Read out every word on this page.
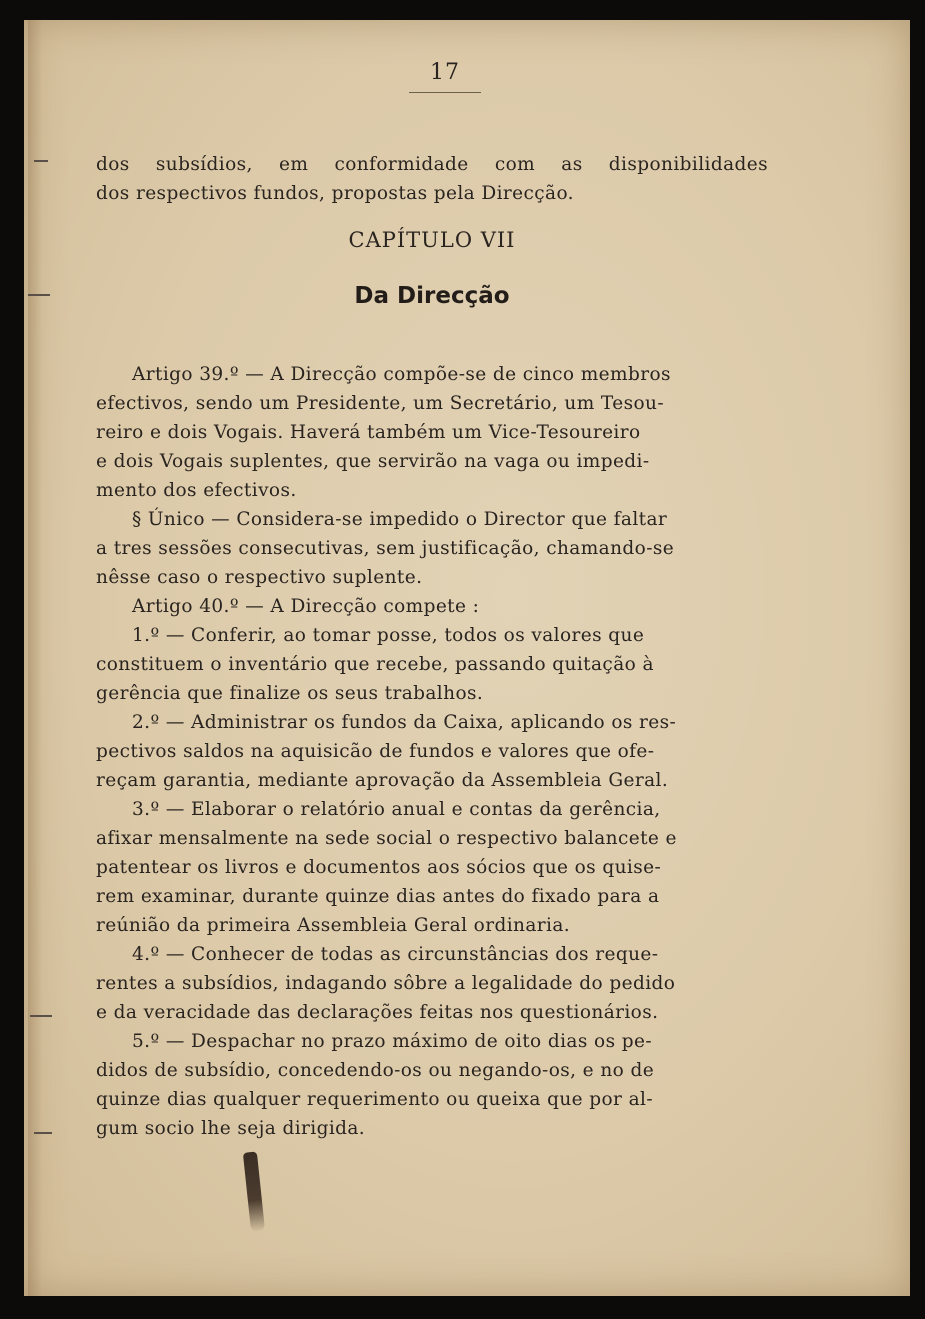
17
dos subsídios, em conformidade com as disponibilidades
dos respectivos fundos, propostas pela Direcção.
CAPÍTULO VII
Da Direcção
Artigo 39.º — A Direcção compõe-se de cinco membros
efectivos, sendo um Presidente, um Secretário, um Tesou-
reiro e dois Vogais. Haverá também um Vice-Tesoureiro
e dois Vogais suplentes, que servirão na vaga ou impedi-
mento dos efectivos.
§ Único — Considera-se impedido o Director que faltar
a tres sessões consecutivas, sem justificação, chamando-se
nêsse caso o respectivo suplente.
Artigo 40.º — A Direcção compete :
1.º — Conferir, ao tomar posse, todos os valores que
constituem o inventário que recebe, passando quitação à
gerência que finalize os seus trabalhos.
2.º — Administrar os fundos da Caixa, aplicando os res-
pectivos saldos na aquisicão de fundos e valores que ofe-
reçam garantia, mediante aprovação da Assembleia Geral.
3.º — Elaborar o relatório anual e contas da gerência,
afixar mensalmente na sede social o respectivo balancete e
patentear os livros e documentos aos sócios que os quise-
rem examinar, durante quinze dias antes do fixado para a
reúnião da primeira Assembleia Geral ordinaria.
4.º — Conhecer de todas as circunstâncias dos reque-
rentes a subsídios, indagando sôbre a legalidade do pedido
e da veracidade das declarações feitas nos questionários.
5.º — Despachar no prazo máximo de oito dias os pe-
didos de subsídio, concedendo-os ou negando-os, e no de
quinze dias qualquer requerimento ou queixa que por al-
gum socio lhe seja dirigida.
